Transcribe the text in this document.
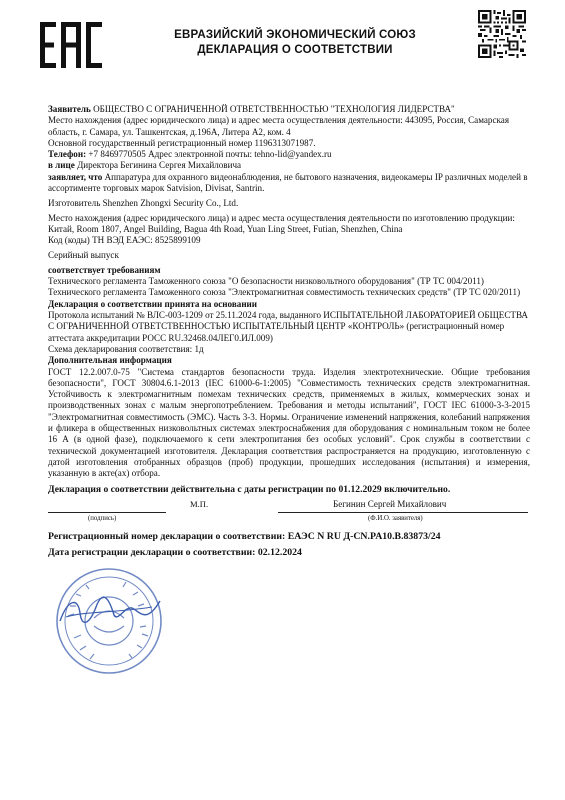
ЕВРАЗИЙСКИЙ ЭКОНОМИЧЕСКИЙ СОЮЗ
ДЕКЛАРАЦИЯ О СООТВЕТСТВИИ

Заявитель ОБЩЕСТВО С ОГРАНИЧЕННОЙ ОТВЕТСТВЕННОСТЬЮ "ТЕХНОЛОГИЯ ЛИДЕРСТВА"

Место нахождения (адрес юридического лица) и адрес места осуществления деятельности: 443095, Россия, Самарская область, г. Самара, ул. Ташкентская, д.196А, Литера А2, ком. 4

Основной государственный регистрационный номер 1196313071987.

Телефон: +7 8469770505 Адрес электронной почты: tehno-lid@yandex.ru

в лице Директора Бегинина Сергея Михайловича

заявляет, что Аппаратура для охранного видеонаблюдения, не бытового назначения, видеокамеры IP различных моделей в ассортименте торговых марок Satvision, Divisat, Santrin.

Изготовитель Shenzhen Zhongxi Security Co., Ltd.

Место нахождения (адрес юридического лица) и адрес места осуществления деятельности по изготовлению продукции: Китай, Room 1807, Angel Building, Bagua 4th Road, Yuan Ling Street, Futian, Shenzhen, China

Код (коды) ТН ВЭД ЕАЭС: 8525899109

Серийный выпуск

соответствует требованиям

Технического регламента Таможенного союза "О безопасности низковольтного оборудования" (ТР ТС 004/2011)

Технического регламента Таможенного союза "Электромагнитная совместимость технических средств" (ТР ТС 020/2011)

Декларация о соответствии принята на основании

Протокола испытаний № ВЛС-003-1209 от 25.11.2024 года, выданного ИСПЫТАТЕЛЬНОЙ ЛАБОРАТОРИЕЙ ОБЩЕСТВА С ОГРАНИЧЕННОЙ ОТВЕТСТВЕННОСТЬЮ ИСПЫТАТЕЛЬНЫЙ ЦЕНТР «КОНТРОЛЬ» (регистрационный номер аттестата аккредитации РОСС RU.32468.04ЛЕГ0.ИЛ.009)

Схема декларирования соответствия: 1д

Дополнительная информация

ГОСТ 12.2.007.0-75 "Система стандартов безопасности труда. Изделия электротехнические. Общие требования безопасности", ГОСТ 30804.6.1-2013 (IEC 61000-6-1:2005) "Совместимость технических средств электромагнитная. Устойчивость к электромагнитным помехам технических средств, применяемых в жилых, коммерческих зонах и производственных зонах с малым энергопотреблением. Требования и методы испытаний", ГОСТ IEC 61000-3-3-2015 "Электромагнитная совместимость (ЭМС). Часть 3-3. Нормы. Ограничение изменений напряжения, колебаний напряжения и фликера в общественных низковольтных системах электроснабжения для оборудования с номинальным током не более 16 А (в одной фазе), подключаемого к сети электропитания без особых условий". Срок службы в соответствии с технической документацией изготовителя. Декларация соответствия распространяется на продукцию, изготовленную с датой изготовления отобранных образцов (проб) продукции, прошедших исследования (испытания) и измерения, указанную в акте(ах) отбора.

Декларация о соответствии действительна с даты регистрации по 01.12.2029 включительно.

М.П.	Бегинин Сергей Михайлович
(подпись)	(Ф.И.О. заявителя)

Регистрационный номер декларации о соответствии: ЕАЭС N RU Д-CN.PA10.B.83873/24

Дата регистрации декларации о соответствии: 02.12.2024
